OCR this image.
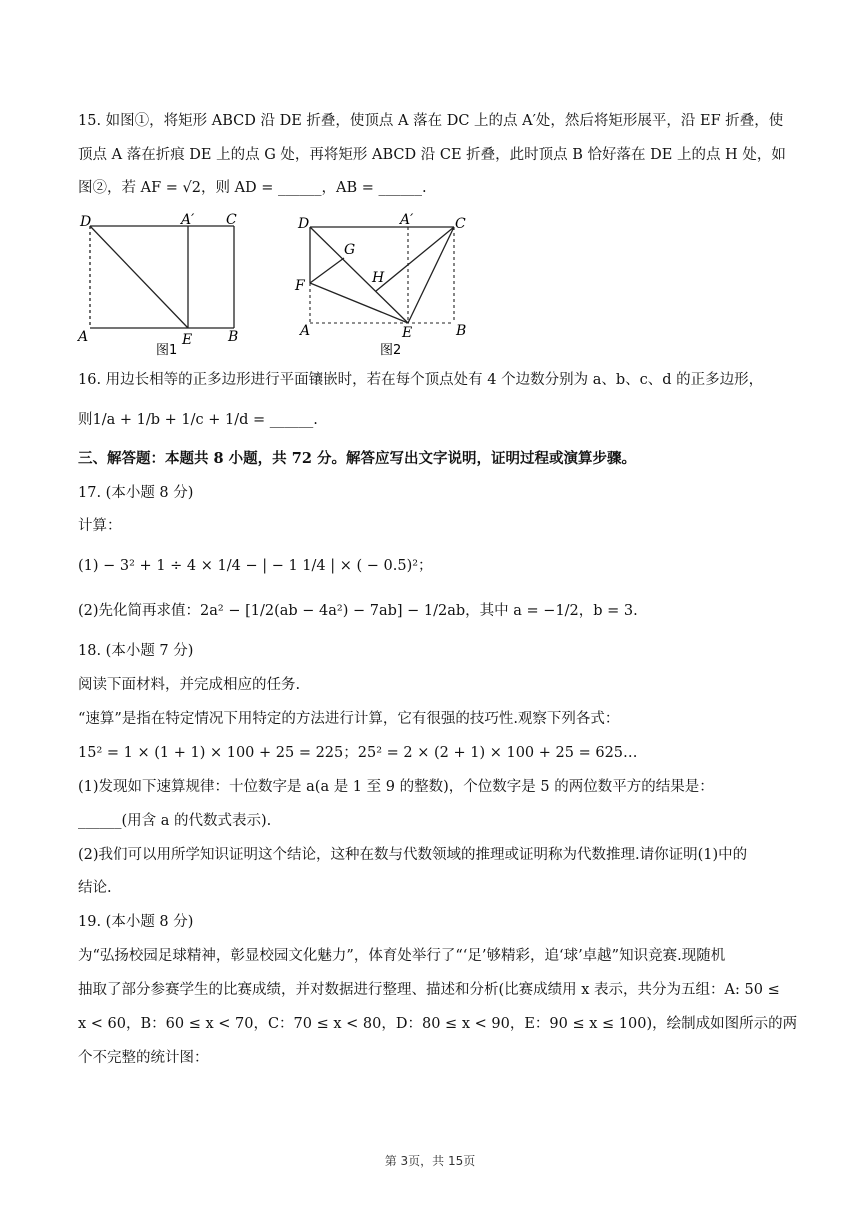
15. 如图①，将矩形 ABCD 沿 DE 折叠，使顶点 A 落在 DC 上的点 A′处，然后将矩形展平，沿 EF 折叠，使
顶点 A 落在折痕 DE 上的点 G 处，再将矩形 ABCD 沿 CE 折叠，此时顶点 B 恰好落在 DE 上的点 H 处，如
图②，若 AF = √2，则 AD = ______，AB = ______.
D	A′ C
A	E	B
图1
D	A′	C
G
H
F
A	E	B
图2
16. 用边长相等的正多边形进行平面镶嵌时，若在每个顶点处有 4 个边数分别为 a、b、c、d 的正多边形，
则1/a + 1/b + 1/c + 1/d = ______.
三、解答题：本题共 8 小题，共 72 分。解答应写出文字说明，证明过程或演算步骤。
17. (本小题 8 分)
计算：
(1) − 3² + 1 ÷ 4 × 1/4 − | − 1 1/4 | × ( − 0.5)²；
(2)先化简再求值：2a² − [1/2(ab − 4a²) − 7ab] − 1/2ab，其中 a = −1/2，b = 3.
18. (本小题 7 分)
阅读下面材料，并完成相应的任务.
“速算”是指在特定情况下用特定的方法进行计算，它有很强的技巧性.观察下列各式：
15² = 1 × (1 + 1) × 100 + 25 = 225；25² = 2 × (2 + 1) × 100 + 25 = 625…
(1)发现如下速算规律：十位数字是 a(a 是 1 至 9 的整数)，个位数字是 5 的两位数平方的结果是：
______(用含 a 的代数式表示).
(2)我们可以用所学知识证明这个结论，这种在数与代数领域的推理或证明称为代数推理.请你证明(1)中的
结论.
19. (本小题 8 分)
为“弘扬校园足球精神，彰显校园文化魅力”，体育处举行了“‘足’够精彩，追‘球’卓越”知识竞赛.现随机
抽取了部分参赛学生的比赛成绩，并对数据进行整理、描述和分析(比赛成绩用 x 表示，共分为五组：A: 50 ≤
x < 60，B：60 ≤ x < 70，C：70 ≤ x < 80，D：80 ≤ x < 90，E：90 ≤ x ≤ 100)，绘制成如图所示的两
个不完整的统计图：
第 3页，共 15页
